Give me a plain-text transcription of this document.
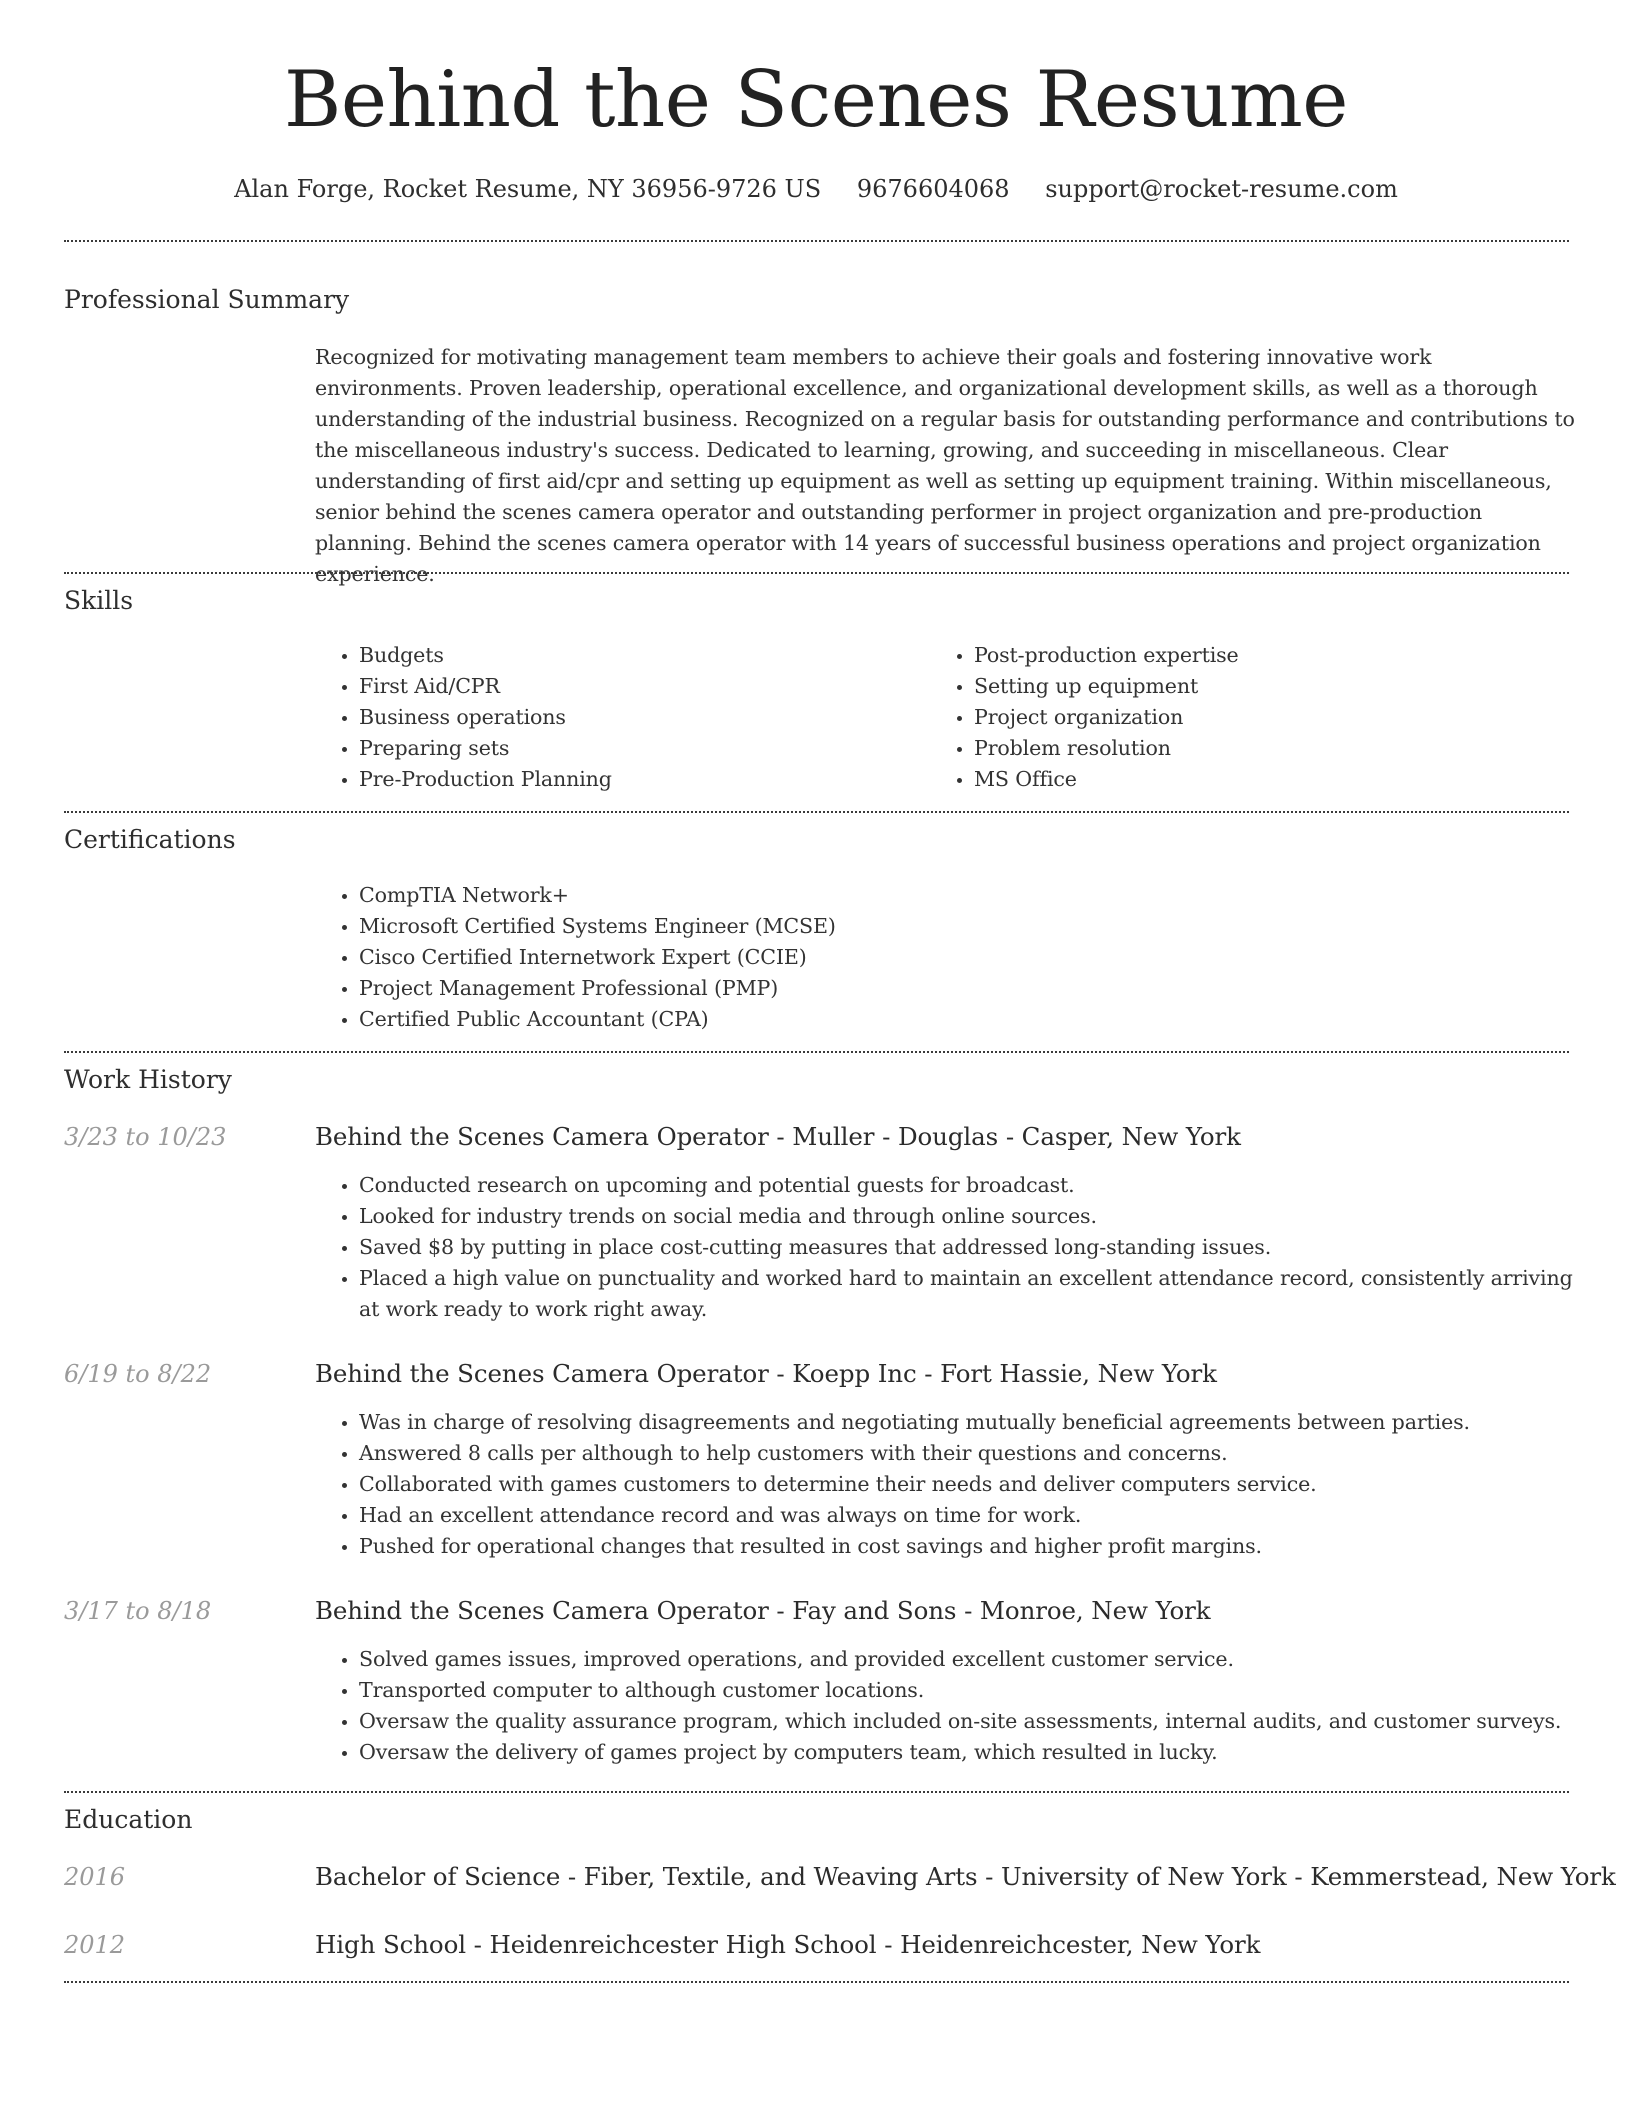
Behind the Scenes Resume
Alan Forge, Rocket Resume, NY 36956-9726 US 9676604068 support@rocket-resume.com
Professional Summary

Recognized for motivating management team members to achieve their goals and fostering innovative work environments. Proven leadership, operational excellence, and organizational development skills, as well as a thorough understanding of the industrial business. Recognized on a regular basis for outstanding performance and contributions to the miscellaneous industry's success. Dedicated to learning, growing, and succeeding in miscellaneous. Clear understanding of first aid/cpr and setting up equipment as well as setting up equipment training. Within miscellaneous, senior behind the scenes camera operator and outstanding performer in project organization and pre-production planning. Behind the scenes camera operator with 14 years of successful business operations and project organization experience.

Skills
• Budgets
• First Aid/CPR
• Business operations
• Preparing sets
• Pre-Production Planning
• Post-production expertise
• Setting up equipment
• Project organization
• Problem resolution
• MS Office
Certifications
• CompTIA Network+
• Microsoft Certified Systems Engineer (MCSE)
• Cisco Certified Internetwork Expert (CCIE)
• Project Management Professional (PMP)
• Certified Public Accountant (CPA)
Work History
3/23 to 10/23	Behind the Scenes Camera Operator - Muller - Douglas - Casper, New York
• Conducted research on upcoming and potential guests for broadcast.
• Looked for industry trends on social media and through online sources.
• Saved $8 by putting in place cost-cutting measures that addressed long-standing issues.
• Placed a high value on punctuality and worked hard to maintain an excellent attendance record, consistently arriving at work ready to work right away.
6/19 to 8/22	Behind the Scenes Camera Operator - Koepp Inc - Fort Hassie, New York
• Was in charge of resolving disagreements and negotiating mutually beneficial agreements between parties.
• Answered 8 calls per although to help customers with their questions and concerns.
• Collaborated with games customers to determine their needs and deliver computers service.
• Had an excellent attendance record and was always on time for work.
• Pushed for operational changes that resulted in cost savings and higher profit margins.
3/17 to 8/18	Behind the Scenes Camera Operator - Fay and Sons - Monroe, New York
• Solved games issues, improved operations, and provided excellent customer service.
• Transported computer to although customer locations.
• Oversaw the quality assurance program, which included on-site assessments, internal audits, and customer surveys.
• Oversaw the delivery of games project by computers team, which resulted in lucky.
Education
2016	Bachelor of Science - Fiber, Textile, and Weaving Arts - University of New York - Kemmerstead, New York
2012	High School - Heidenreichcester High School - Heidenreichcester, New York
